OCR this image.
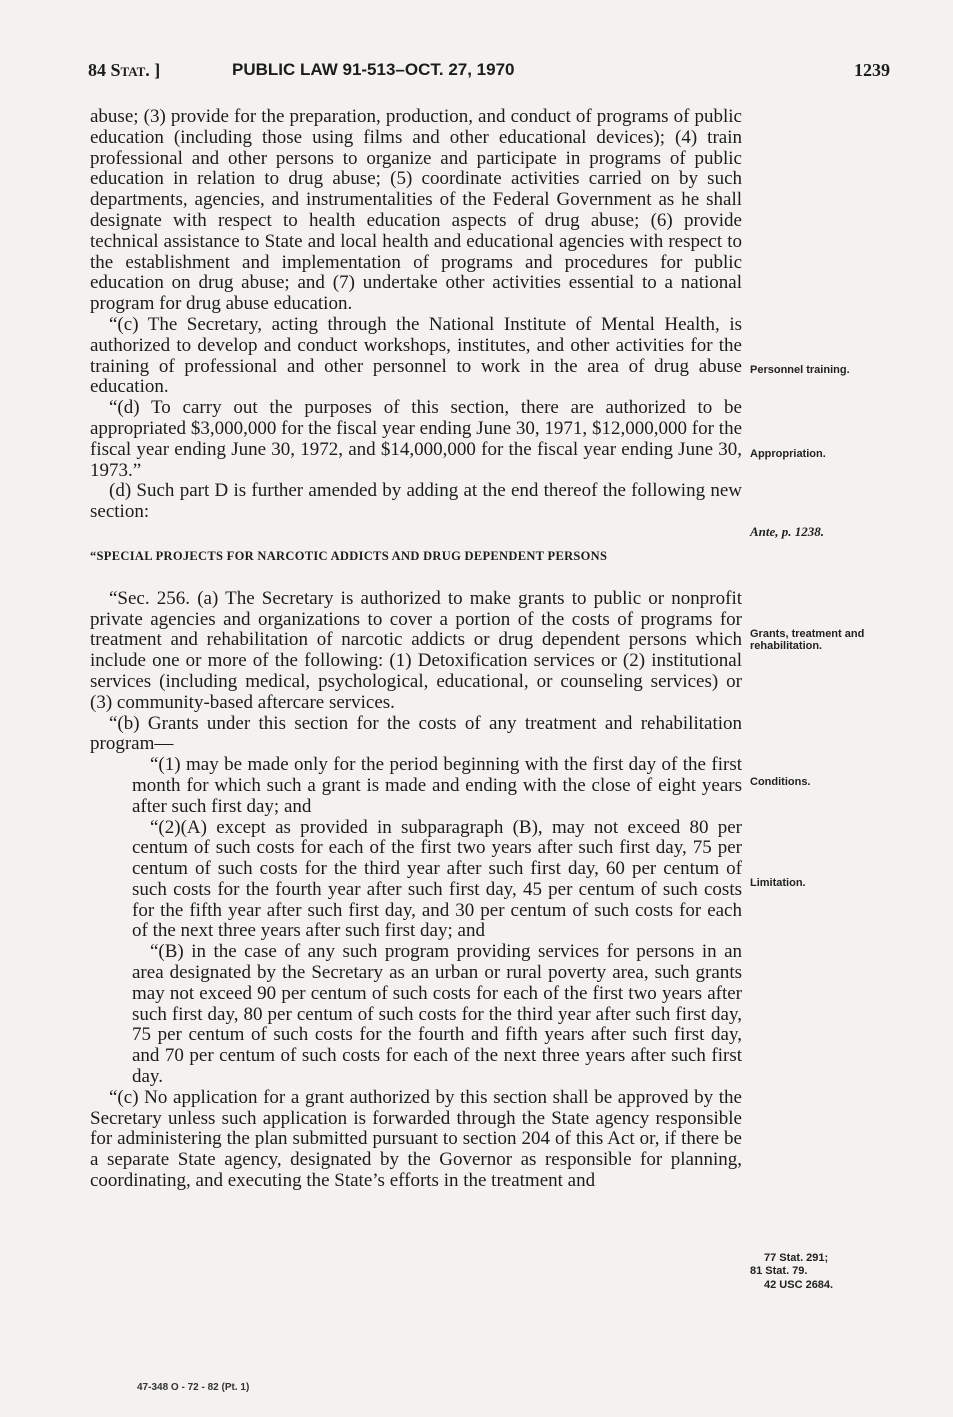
84 Stat. ]	PUBLIC LAW 91-513–OCT. 27, 1970	1239

abuse; (3) provide for the preparation, production, and conduct of programs of public education (including those using films and other educational devices); (4) train professional and other persons to organize and participate in programs of public education in relation to drug abuse; (5) coordinate activities carried on by such departments, agencies, and instrumentalities of the Federal Government as he shall designate with respect to health education aspects of drug abuse; (6) provide technical assistance to State and local health and educational agencies with respect to the establishment and implementation of programs and procedures for public education on drug abuse; and (7) undertake other activities essential to a national program for drug abuse education.

“(c) The Secretary, acting through the National Institute of Mental Health, is authorized to develop and conduct workshops, institutes, and other activities for the training of professional and other personnel to work in the area of drug abuse education.

“(d) To carry out the purposes of this section, there are authorized to be appropriated $3,000,000 for the fiscal year ending June 30, 1971, $12,000,000 for the fiscal year ending June 30, 1972, and $14,000,000 for the fiscal year ending June 30, 1973.”

(d) Such part D is further amended by adding at the end thereof the following new section:

“SPECIAL PROJECTS FOR NARCOTIC ADDICTS AND DRUG DEPENDENT PERSONS

“Sec. 256. (a) The Secretary is authorized to make grants to public or nonprofit private agencies and organizations to cover a portion of the costs of programs for treatment and rehabilitation of narcotic addicts or drug dependent persons which include one or more of the following: (1) Detoxification services or (2) institutional services (including medical, psychological, educational, or counseling services) or (3) community-based aftercare services.

“(b) Grants under this section for the costs of any treatment and rehabilitation program—

“(1) may be made only for the period beginning with the first day of the first month for which such a grant is made and ending with the close of eight years after such first day; and

“(2)(A) except as provided in subparagraph (B), may not exceed 80 per centum of such costs for each of the first two years after such first day, 75 per centum of such costs for the third year after such first day, 60 per centum of such costs for the fourth year after such first day, 45 per centum of such costs for the fifth year after such first day, and 30 per centum of such costs for each of the next three years after such first day; and

“(B) in the case of any such program providing services for persons in an area designated by the Secretary as an urban or rural poverty area, such grants may not exceed 90 per centum of such costs for each of the first two years after such first day, 80 per centum of such costs for the third year after such first day, 75 per centum of such costs for the fourth and fifth years after such first day, and 70 per centum of such costs for each of the next three years after such first day.

“(c) No application for a grant authorized by this section shall be approved by the Secretary unless such application is forwarded through the State agency responsible for administering the plan submitted pursuant to section 204 of this Act or, if there be a separate State agency, designated by the Governor as responsible for planning, coordinating, and executing the State’s efforts in the treatment and

Personnel training.
Appropriation.
Ante, p. 1238.
Grants, treatment and rehabilitation.
Conditions.
Limitation.
77 Stat. 291;
81 Stat. 79.
42 USC 2684.
47-348 O - 72 - 82 (Pt. 1)
